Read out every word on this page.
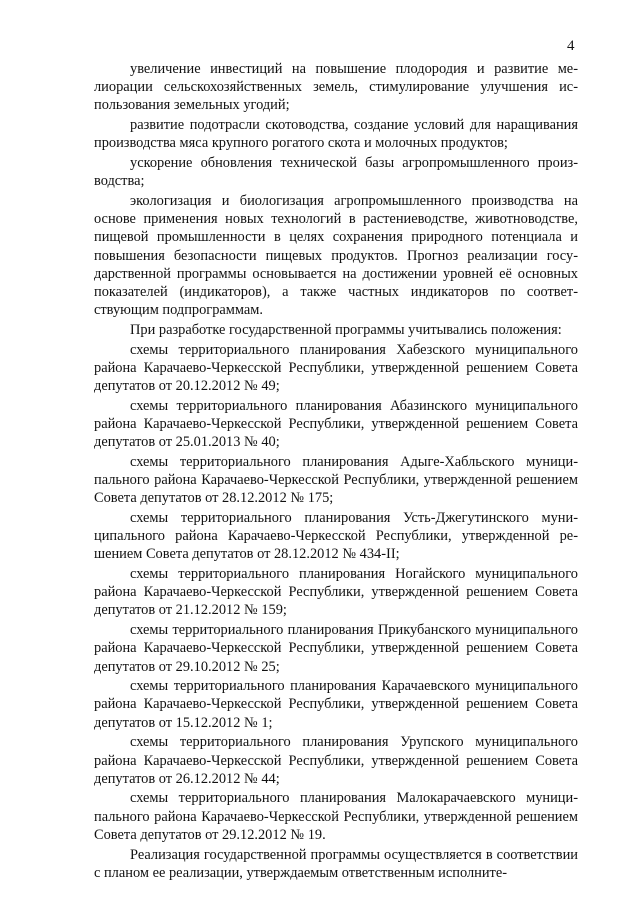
4

увеличение инвестиций на повышение плодородия и развитие мелиорации сельскохозяйственных земель, стимулирование улучшения использования земельных угодий;

развитие подотрасли скотоводства, создание условий для наращивания производства мяса крупного рогатого скота и молочных продуктов;

ускорение обновления технической базы агропромышленного производства;

экологизация и биологизация агропромышленного производства на основе применения новых технологий в растениеводстве, животноводстве, пищевой промышленности в целях сохранения природного потенциала и повышения безопасности пищевых продуктов. Прогноз реализации государственной программы основывается на достижении уровней её основных показателей (индикаторов), а также частных индикаторов по соответствующим подпрограммам.

При разработке государственной программы учитывались положения:

схемы территориального планирования Хабезского муниципального района Карачаево-Черкесской Республики, утвержденной решением Совета депутатов от 20.12.2012 № 49;

схемы территориального планирования Абазинского муниципального района Карачаево-Черкесской Республики, утвержденной решением Совета депутатов от 25.01.2013 № 40;

схемы территориального планирования Адыге-Хабльского муниципального района Карачаево-Черкесской Республики, утвержденной решением Совета депутатов от 28.12.2012 № 175;

схемы территориального планирования Усть-Джегутинского муниципального района Карачаево-Черкесской Республики, утвержденной решением Совета депутатов от 28.12.2012 № 434-II;

схемы территориального планирования Ногайского муниципального района Карачаево-Черкесской Республики, утвержденной решением Совета депутатов от 21.12.2012 № 159;

схемы территориального планирования Прикубанского муниципального района Карачаево-Черкесской Республики, утвержденной решением Совета депутатов от 29.10.2012 № 25;

схемы территориального планирования Карачаевского муниципального района Карачаево-Черкесской Республики, утвержденной решением Совета депутатов от 15.12.2012 № 1;

схемы территориального планирования Урупского муниципального района Карачаево-Черкесской Республики, утвержденной решением Совета депутатов от 26.12.2012 № 44;

схемы территориального планирования Малокарачаевского муниципального района Карачаево-Черкесской Республики, утвержденной решением Совета депутатов от 29.12.2012 № 19.

Реализация государственной программы осуществляется в соответствии с планом ее реализации, утверждаемым ответственным исполните-
